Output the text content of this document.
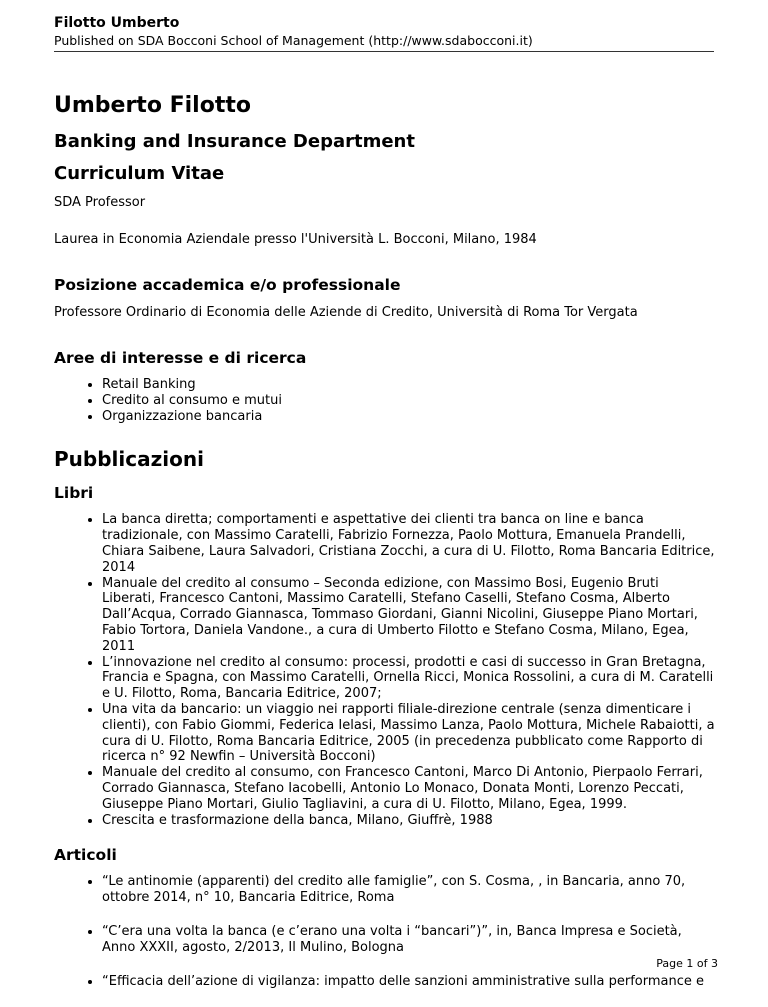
Filotto Umberto
Published on SDA Bocconi School of Management (http://www.sdabocconi.it)
Umberto Filotto
Banking and Insurance Department
Curriculum Vitae

SDA Professor

Laurea in Economia Aziendale presso l'Università L. Bocconi, Milano, 1984

Posizione accademica e/o professionale

Professore Ordinario di Economia delle Aziende di Credito, Università di Roma Tor Vergata

Aree di interesse e di ricerca
• Retail Banking
• Credito al consumo e mutui
• Organizzazione bancaria
Pubblicazioni
Libri
• La banca diretta; comportamenti e aspettative dei clienti tra banca on line e banca tradizionale, con Massimo Caratelli, Fabrizio Fornezza, Paolo Mottura, Emanuela Prandelli, Chiara Saibene, Laura Salvadori, Cristiana Zocchi, a cura di U. Filotto, Roma Bancaria Editrice, 2014
• Manuale del credito al consumo – Seconda edizione, con Massimo Bosi, Eugenio Bruti Liberati, Francesco Cantoni, Massimo Caratelli, Stefano Caselli, Stefano Cosma, Alberto Dall’Acqua, Corrado Giannasca, Tommaso Giordani, Gianni Nicolini, Giuseppe Piano Mortari, Fabio Tortora, Daniela Vandone., a cura di Umberto Filotto e Stefano Cosma, Milano, Egea, 2011
• L’innovazione nel credito al consumo: processi, prodotti e casi di successo in Gran Bretagna, Francia e Spagna, con Massimo Caratelli, Ornella Ricci, Monica Rossolini, a cura di M. Caratelli e U. Filotto, Roma, Bancaria Editrice, 2007;
• Una vita da bancario: un viaggio nei rapporti filiale-direzione centrale (senza dimenticare i clienti), con Fabio Giommi, Federica Ielasi, Massimo Lanza, Paolo Mottura, Michele Rabaiotti, a cura di U. Filotto, Roma Bancaria Editrice, 2005 (in precedenza pubblicato come Rapporto di ricerca n° 92 Newfin – Università Bocconi)
• Manuale del credito al consumo, con Francesco Cantoni, Marco Di Antonio, Pierpaolo Ferrari, Corrado Giannasca, Stefano Iacobelli, Antonio Lo Monaco, Donata Monti, Lorenzo Peccati, Giuseppe Piano Mortari, Giulio Tagliavini, a cura di U. Filotto, Milano, Egea, 1999.
• Crescita e trasformazione della banca, Milano, Giuffrè, 1988
Articoli
• “Le antinomie (apparenti) del credito alle famiglie”, con S. Cosma, , in Bancaria, anno 70, ottobre 2014, n° 10, Bancaria Editrice, Roma
• “C’era una volta la banca (e c’erano una volta i “bancari”)”, in, Banca Impresa e Società, Anno XXXII, agosto, 2/2013, Il Mulino, Bologna
• “Efficacia dell’azione di vigilanza: impatto delle sanzioni amministrative sulla performance e
Page 1 of 3
